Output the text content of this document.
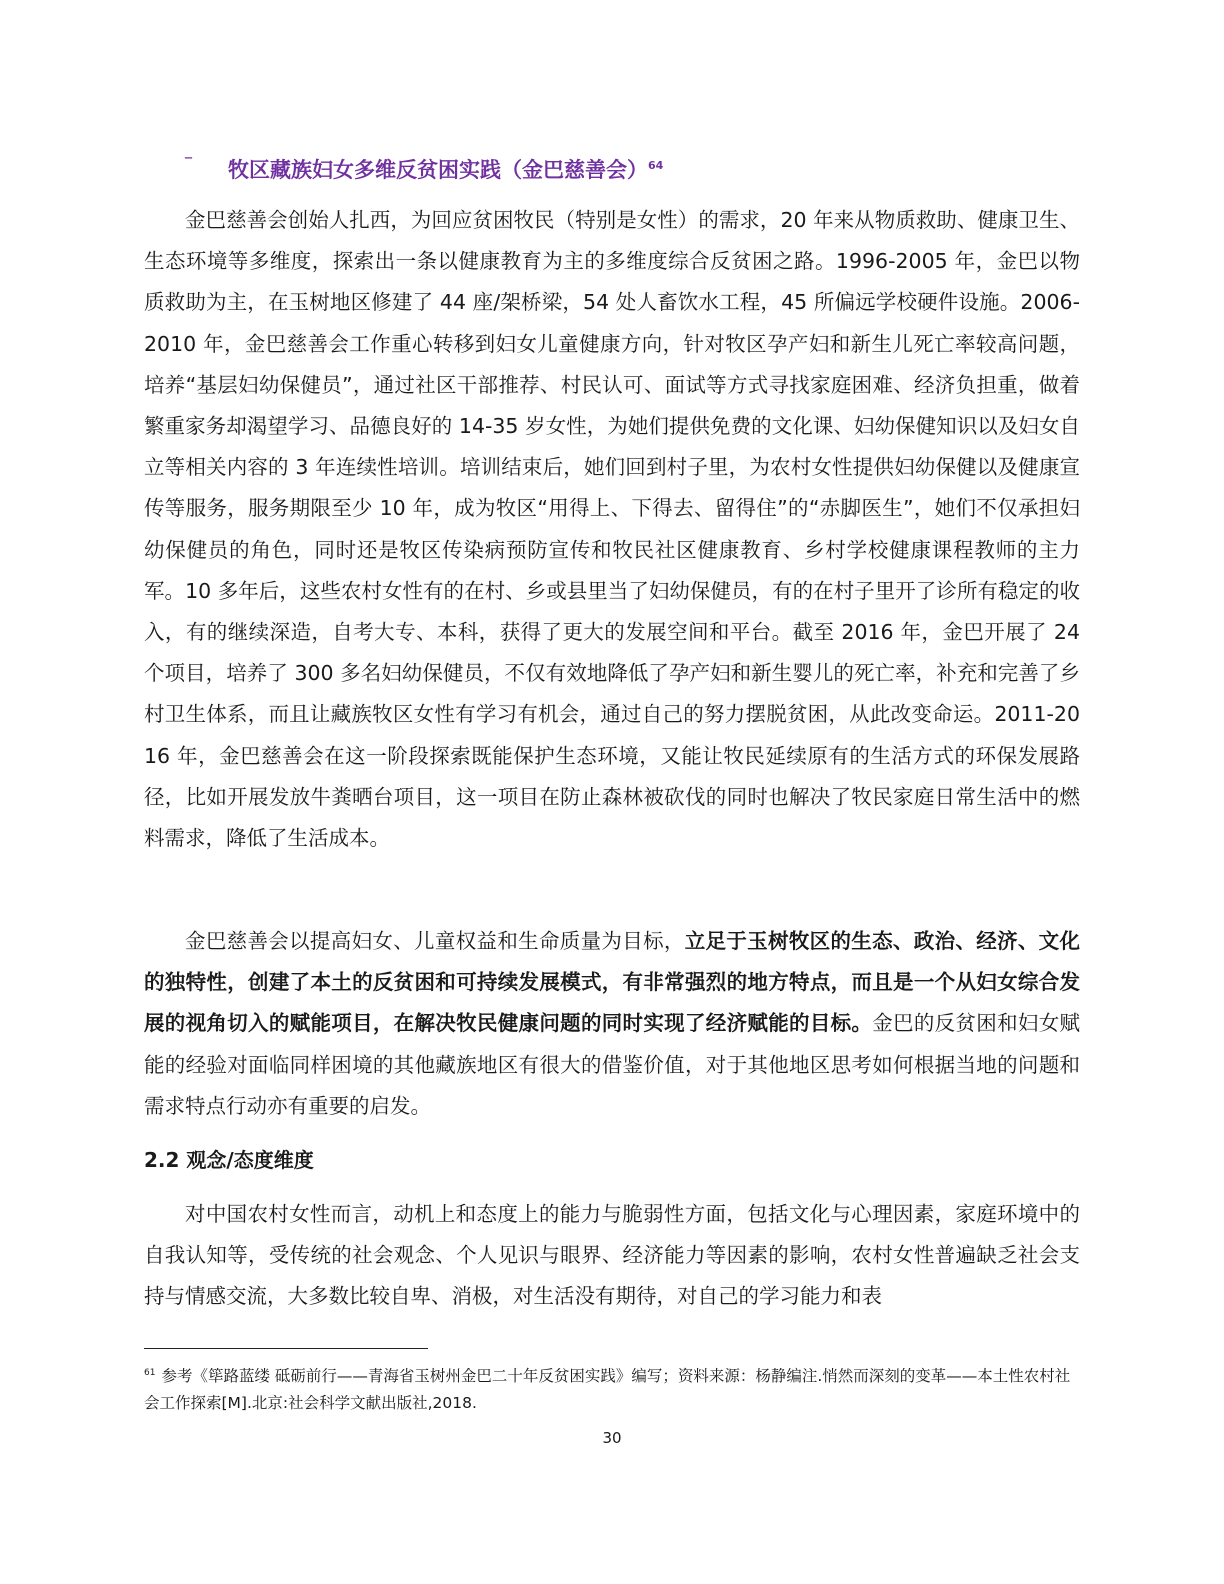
–
牧区藏族妇女多维反贫困实践（金巴慈善会）$^{64}$

金巴慈善会创始人扎西，为回应贫困牧民（特别是女性）的需求，20 年来从物质救助、健康卫生、生态环境等多维度，探索出一条以健康教育为主的多维度综合反贫困之路。1996-2005 年，金巴以物质救助为主，在玉树地区修建了 44 座/架桥梁，54 处人畜饮水工程，45 所偏远学校硬件设施。2006-2010 年，金巴慈善会工作重心转移到妇女儿童健康方向，针对牧区孕产妇和新生儿死亡率较高问题，培养“基层妇幼保健员”，通过社区干部推荐、村民认可、面试等方式寻找家庭困难、经济负担重，做着繁重家务却渴望学习、品德良好的 14-35 岁女性，为她们提供免费的文化课、妇幼保健知识以及妇女自立等相关内容的 3 年连续性培训。培训结束后，她们回到村子里，为农村女性提供妇幼保健以及健康宣传等服务，服务期限至少 10 年，成为牧区“用得上、下得去、留得住”的“赤脚医生”，她们不仅承担妇幼保健员的角色，同时还是牧区传染病预防宣传和牧民社区健康教育、乡村学校健康课程教师的主力军。10 多年后，这些农村女性有的在村、乡或县里当了妇幼保健员，有的在村子里开了诊所有稳定的收入，有的继续深造，自考大专、本科，获得了更大的发展空间和平台。截至 2016 年，金巴开展了 24 个项目，培养了 300 多名妇幼保健员，不仅有效地降低了孕产妇和新生婴儿的死亡率，补充和完善了乡村卫生体系，而且让藏族牧区女性有学习有机会，通过自己的努力摆脱贫困，从此改变命运。2011-2016 年，金巴慈善会在这一阶段探索既能保护生态环境，又能让牧民延续原有的生活方式的环保发展路径，比如开展发放牛粪晒台项目，这一项目在防止森林被砍伐的同时也解决了牧民家庭日常生活中的燃料需求，降低了生活成本。

金巴慈善会以提高妇女、儿童权益和生命质量为目标，立足于玉树牧区的生态、政治、经济、文化的独特性，创建了本土的反贫困和可持续发展模式，有非常强烈的地方特点，而且是一个从妇女综合发展的视角切入的赋能项目，在解决牧民健康问题的同时实现了经济赋能的目标。金巴的反贫困和妇女赋能的经验对面临同样困境的其他藏族地区有很大的借鉴价值，对于其他地区思考如何根据当地的问题和需求特点行动亦有重要的启发。

2.2 观念/态度维度

对中国农村女性而言，动机上和态度上的能力与脆弱性方面，包括文化与心理因素，家庭环境中的自我认知等，受传统的社会观念、个人见识与眼界、经济能力等因素的影响，农村女性普遍缺乏社会支持与情感交流，大多数比较自卑、消极，对生活没有期待，对自己的学习能力和表

$^{61}$ 参考《筚路蓝缕 砥砺前行——青海省玉树州金巴二十年反贫困实践》编写；资料来源：杨静编注.悄然而深刻的变革——本土性农村社会工作探索[M].北京:社会科学文献出版社,2018.

30
